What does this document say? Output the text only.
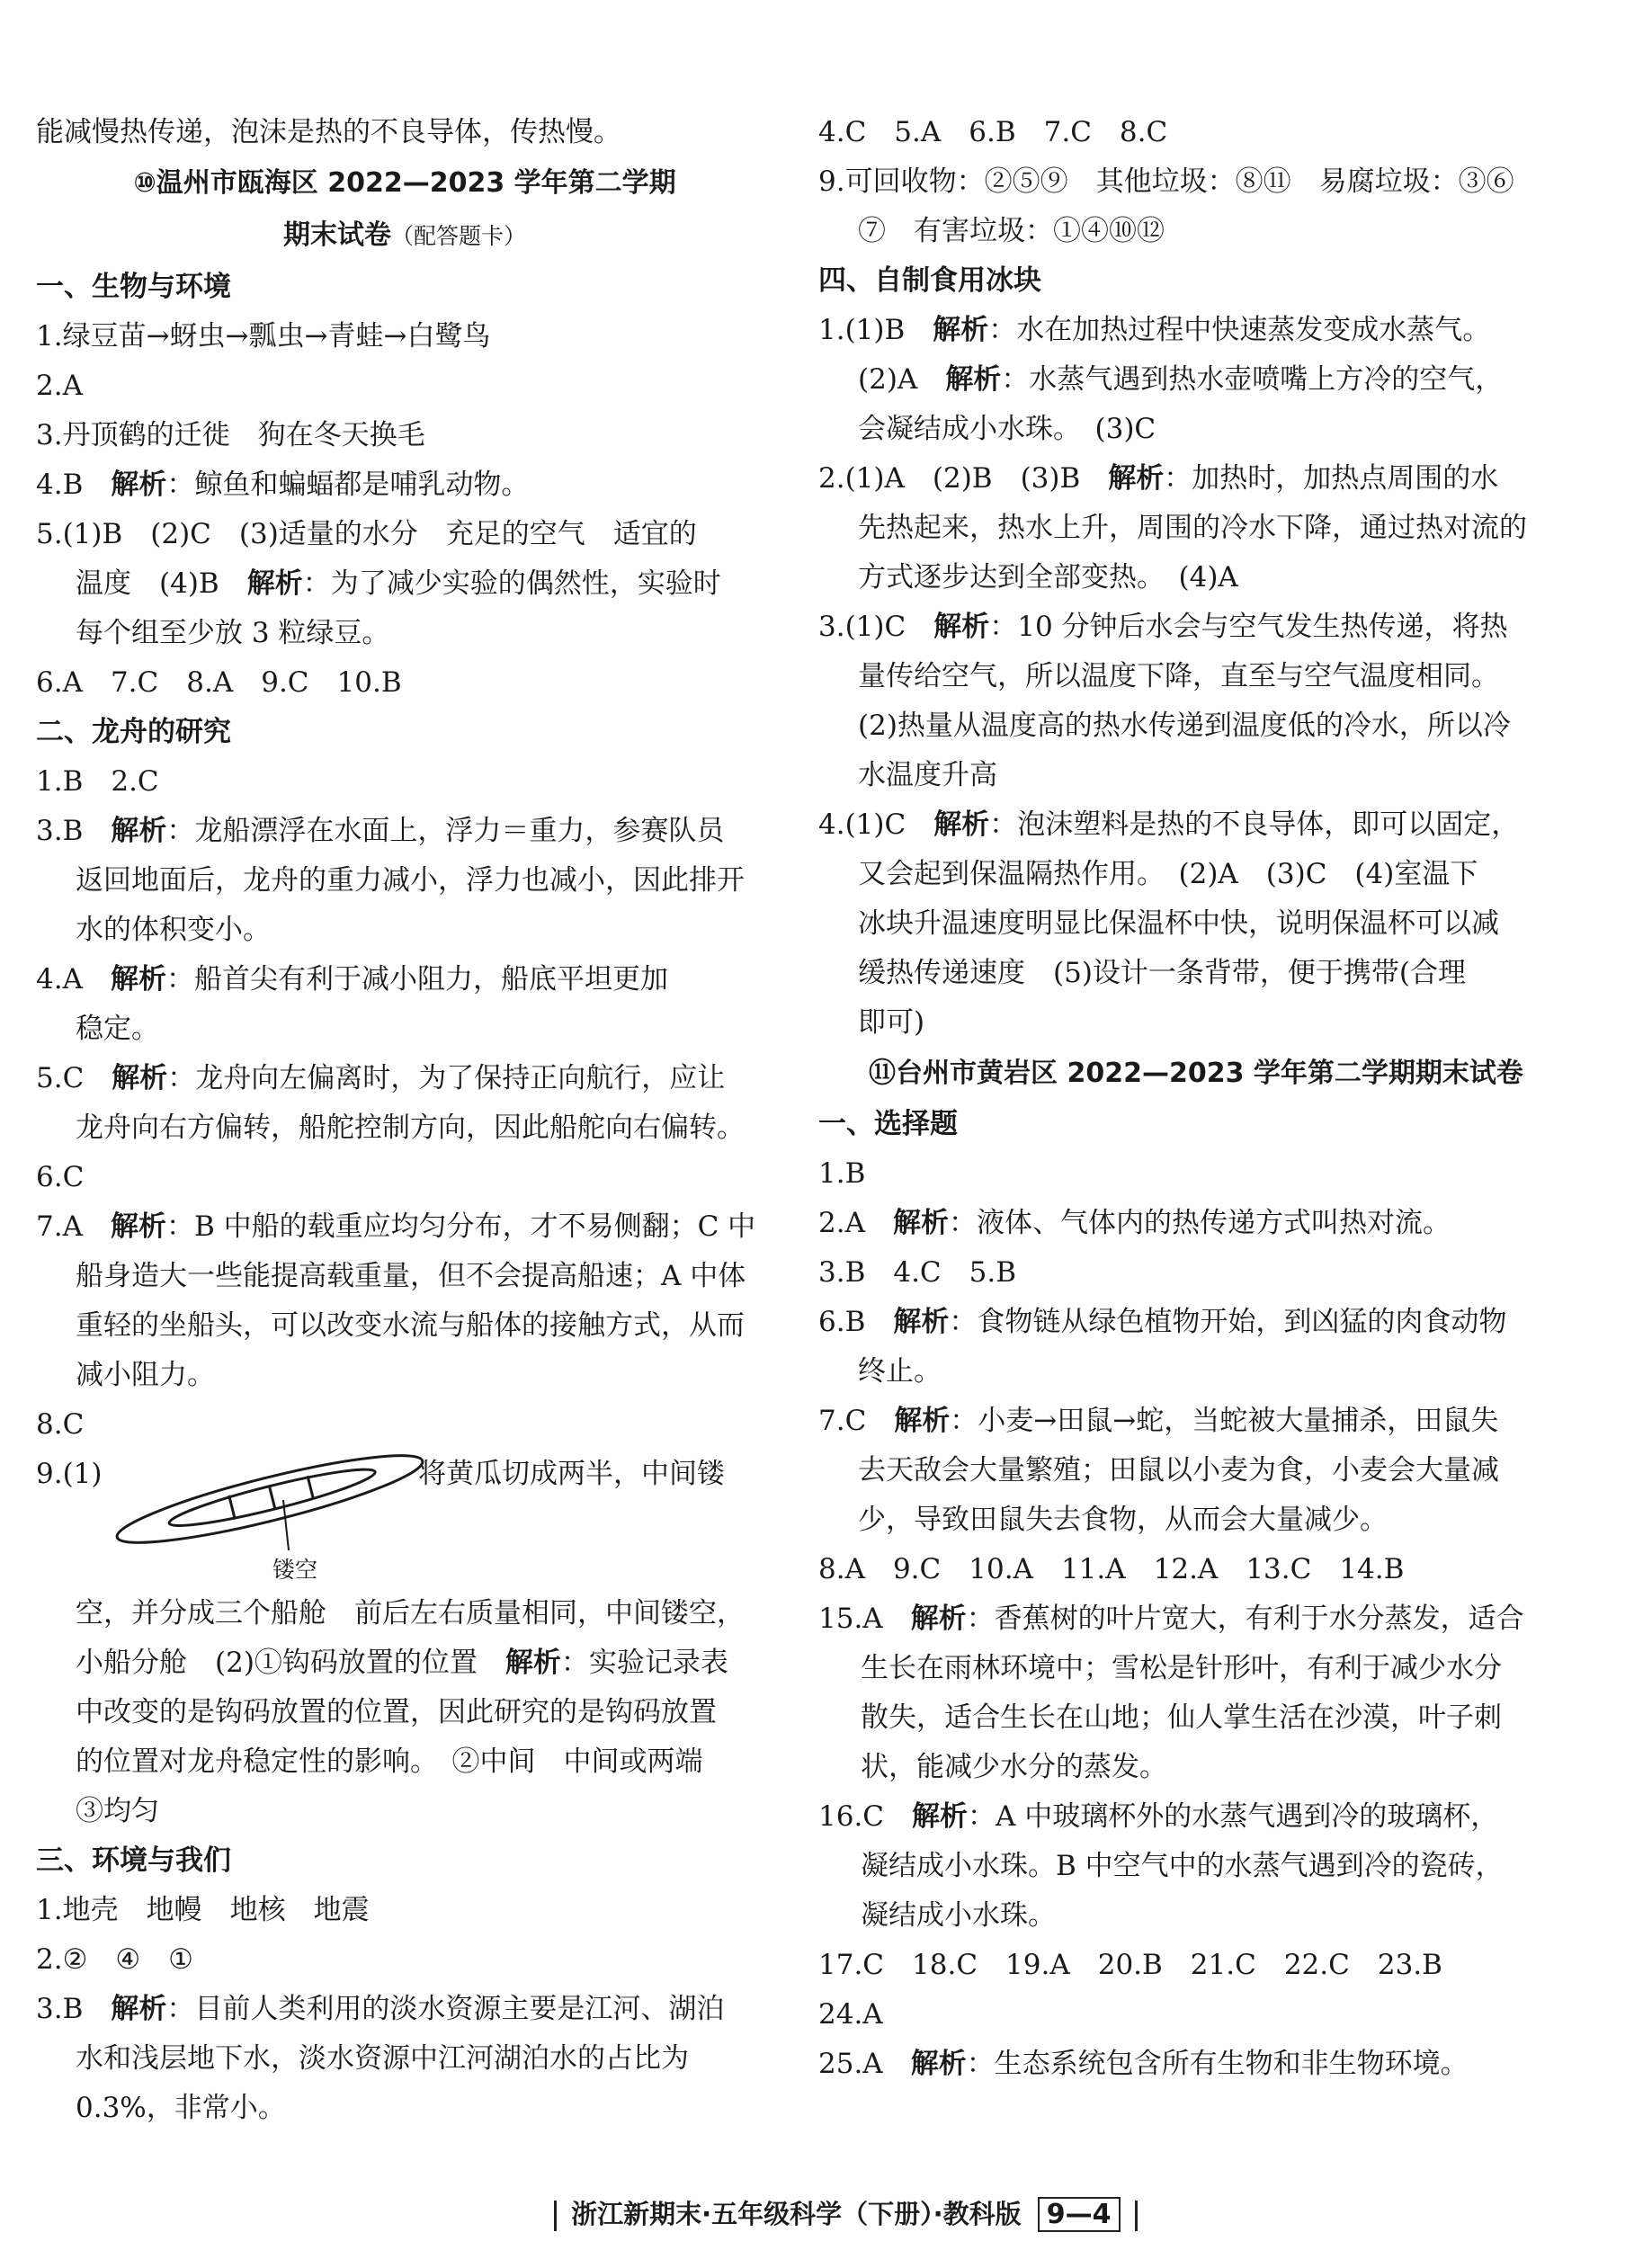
能减慢热传递，泡沫是热的不良导体，传热慢。
⑩温州市瓯海区 2022—2023 学年第二学期
期末试卷（配答题卡）
一、生物与环境
1.绿豆苗→蚜虫→瓢虫→青蛙→白鹭鸟
2.A
3.丹顶鹤的迁徙　狗在冬天换毛
4.B　解析：鲸鱼和蝙蝠都是哺乳动物。
5.(1)B　(2)C　(3)适量的水分　充足的空气　适宜的
温度　(4)B　解析：为了减少实验的偶然性，实验时
每个组至少放 3 粒绿豆。
6.A　7.C　8.A　9.C　10.B
二、龙舟的研究
1.B　2.C
3.B　解析：龙船漂浮在水面上，浮力＝重力，参赛队员
返回地面后，龙舟的重力减小，浮力也减小，因此排开
水的体积变小。
4.A　解析：船首尖有利于减小阻力，船底平坦更加
稳定。
5.C　解析：龙舟向左偏离时，为了保持正向航行，应让
龙舟向右方偏转，船舵控制方向，因此船舵向右偏转。
6.C
7.A　解析：B 中船的载重应均匀分布，才不易侧翻；C 中
船身造大一些能提高载重量，但不会提高船速；A 中体
重轻的坐船头，可以改变水流与船体的接触方式，从而
减小阻力。
8.C
9.(1)
镂空
将黄瓜切成两半，中间镂
空，并分成三个船舱　前后左右质量相同，中间镂空，
小船分舱　(2)①钩码放置的位置　解析：实验记录表
中改变的是钩码放置的位置，因此研究的是钩码放置
的位置对龙舟稳定性的影响。　②中间　中间或两端
③均匀
三、环境与我们
1.地壳　地幔　地核　地震
2.②　④　①
3.B　解析：目前人类利用的淡水资源主要是江河、湖泊
水和浅层地下水，淡水资源中江河湖泊水的占比为
0.3%，非常小。
4.C　5.A　6.B　7.C　8.C
9.可回收物：②⑤⑨　其他垃圾：⑧⑪　易腐垃圾：③⑥
⑦　有害垃圾：①④⑩⑫
四、自制食用冰块
1.(1)B　解析：水在加热过程中快速蒸发变成水蒸气。
(2)A　解析：水蒸气遇到热水壶喷嘴上方冷的空气，
会凝结成小水珠。　(3)C
2.(1)A　(2)B　(3)B　解析：加热时，加热点周围的水
先热起来，热水上升，周围的冷水下降，通过热对流的
方式逐步达到全部变热。　(4)A
3.(1)C　解析：10 分钟后水会与空气发生热传递，将热
量传给空气，所以温度下降，直至与空气温度相同。
(2)热量从温度高的热水传递到温度低的冷水，所以冷
水温度升高
4.(1)C　解析：泡沫塑料是热的不良导体，即可以固定，
又会起到保温隔热作用。　(2)A　(3)C　(4)室温下
冰块升温速度明显比保温杯中快，说明保温杯可以减
缓热传递速度　(5)设计一条背带，便于携带(合理
即可)
⑪台州市黄岩区 2022—2023 学年第二学期期末试卷
一、选择题
1.B
2.A　解析：液体、气体内的热传递方式叫热对流。
3.B　4.C　5.B
6.B　解析：食物链从绿色植物开始，到凶猛的肉食动物
终止。
7.C　解析：小麦→田鼠→蛇，当蛇被大量捕杀，田鼠失
去天敌会大量繁殖；田鼠以小麦为食，小麦会大量减
少，导致田鼠失去食物，从而会大量减少。
8.A　9.C　10.A　11.A　12.A　13.C　14.B
15.A　解析：香蕉树的叶片宽大，有利于水分蒸发，适合
生长在雨林环境中；雪松是针形叶，有利于减少水分
散失，适合生长在山地；仙人掌生活在沙漠，叶子刺
状，能减少水分的蒸发。
16.C　解析：A 中玻璃杯外的水蒸气遇到冷的玻璃杯，
凝结成小水珠。B 中空气中的水蒸气遇到冷的瓷砖，
凝结成小水珠。
17.C　18.C　19.A　20.B　21.C　22.C　23.B
24.A
25.A　解析：生态系统包含所有生物和非生物环境。
浙江新期末·五年级科学（下册）·教科版 9—4
